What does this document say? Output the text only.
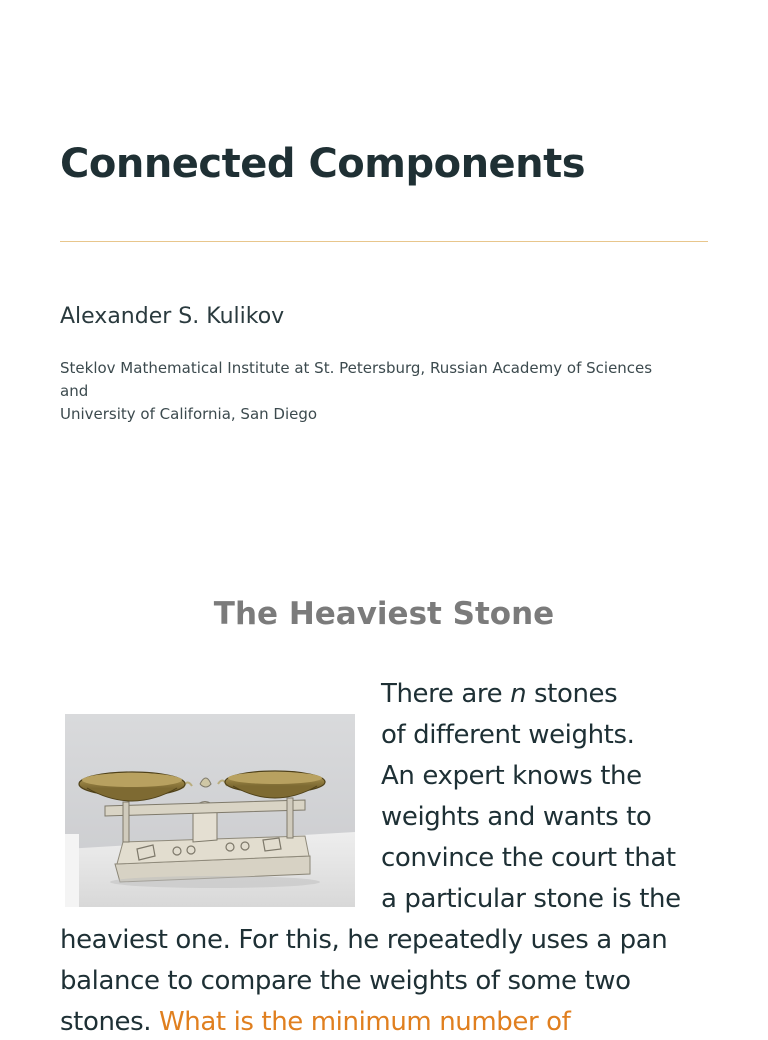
Connected Components
Alexander S. Kulikov
Steklov Mathematical Institute at St. Petersburg, Russian Academy of Sciences
and
University of California, San Diego
The Heaviest Stone
There are n stones
of different weights.
An expert knows the
weights and wants to
convince the court that
a particular stone is the
heaviest one. For this, he repeatedly uses a pan
balance to compare the weights of some two
stones. What is the minimum number of
